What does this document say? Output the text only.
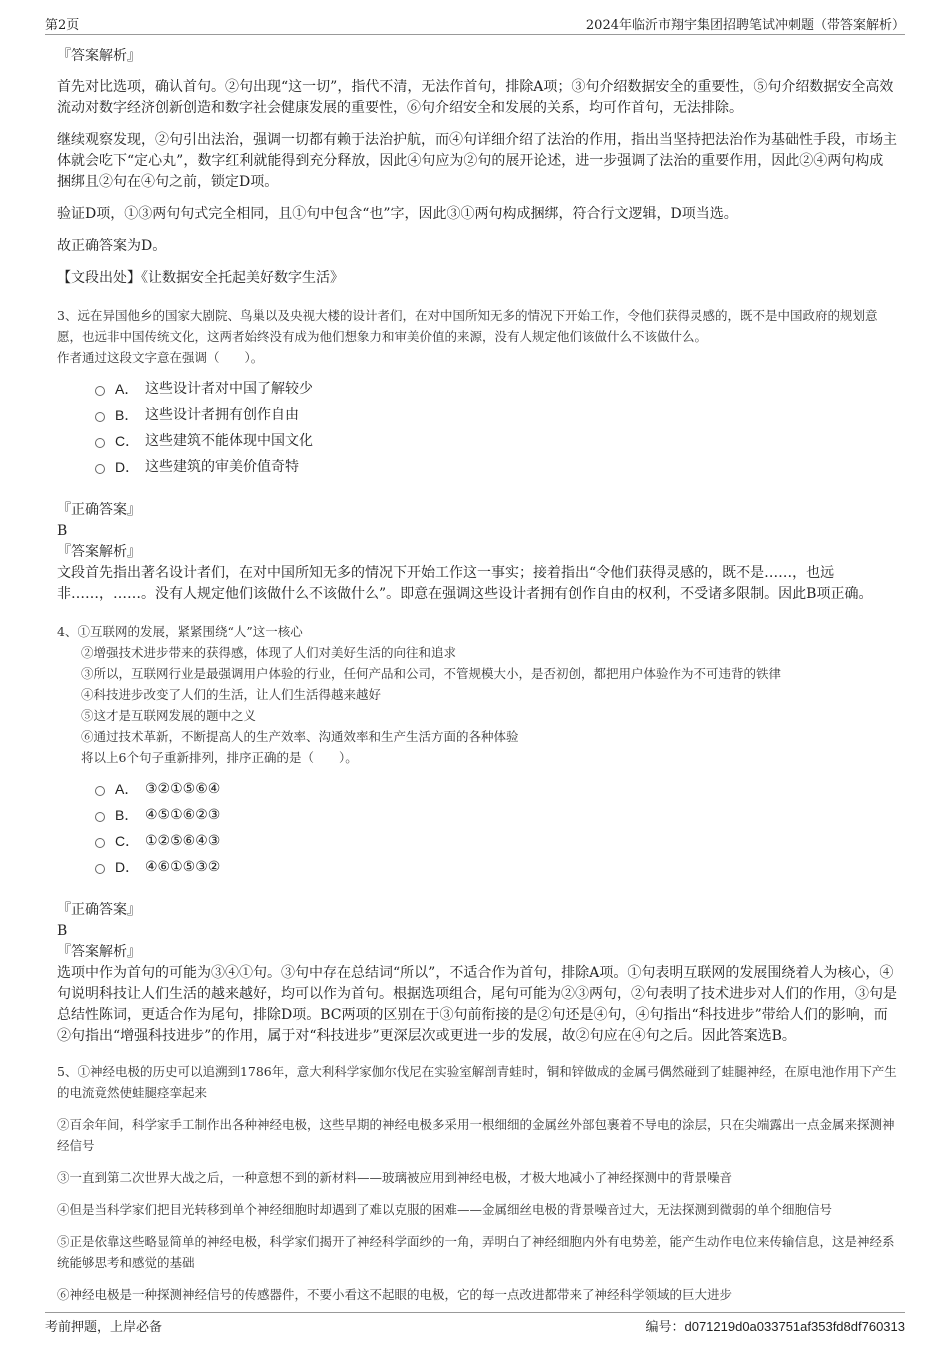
第2页	2024年临沂市翔宇集团招聘笔试冲刺题（带答案解析）

『答案解析』

首先对比选项，确认首句。②句出现“这一切”，指代不清，无法作首句，排除A项；③句介绍数据安全的重要性，⑤句介绍数据安全高效流动对数字经济创新创造和数字社会健康发展的重要性，⑥句介绍安全和发展的关系，均可作首句，无法排除。

继续观察发现，②句引出法治，强调一切都有赖于法治护航，而④句详细介绍了法治的作用，指出当坚持把法治作为基础性手段，市场主体就会吃下“定心丸”，数字红利就能得到充分释放，因此④句应为②句的展开论述，进一步强调了法治的重要作用，因此②④两句构成捆绑且②句在④句之前，锁定D项。

验证D项，①③两句句式完全相同，且①句中包含“也”字，因此③①两句构成捆绑，符合行文逻辑，D项当选。

故正确答案为D。

【文段出处】《让数据安全托起美好数字生活》

3、远在异国他乡的国家大剧院、鸟巢以及央视大楼的设计者们，在对中国所知无多的情况下开始工作，令他们获得灵感的，既不是中国政府的规划意愿，也远非中国传统文化，这两者始终没有成为他们想象力和审美价值的来源，没有人规定他们该做什么不该做什么。

作者通过这段文字意在强调（　　）。

A． 这些设计者对中国了解较少
B． 这些设计者拥有创作自由
C． 这些建筑不能体现中国文化
D． 这些建筑的审美价值奇特

『正确答案』

B

『答案解析』

文段首先指出著名设计者们，在对中国所知无多的情况下开始工作这一事实；接着指出“令他们获得灵感的，既不是……，也远非……，……。没有人规定他们该做什么不该做什么”。即意在强调这些设计者拥有创作自由的权利，不受诸多限制。因此B项正确。

4、①互联网的发展，紧紧围绕“人”这一核心

②增强技术进步带来的获得感，体现了人们对美好生活的向往和追求

③所以，互联网行业是最强调用户体验的行业，任何产品和公司，不管规模大小，是否初创，都把用户体验作为不可违背的铁律

④科技进步改变了人们的生活，让人们生活得越来越好

⑤这才是互联网发展的题中之义

⑥通过技术革新，不断提高人的生产效率、沟通效率和生产生活方面的各种体验

将以上6个句子重新排列，排序正确的是（　　）。

A． ③②①⑤⑥④
B． ④⑤①⑥②③
C． ①②⑤⑥④③
D． ④⑥①⑤③②

『正确答案』

B

『答案解析』

选项中作为首句的可能为③④①句。③句中存在总结词“所以”，不适合作为首句，排除A项。①句表明互联网的发展围绕着人为核心，④句说明科技让人们生活的越来越好，均可以作为首句。根据选项组合，尾句可能为②③两句，②句表明了技术进步对人们的作用，③句是总结性陈词，更适合作为尾句，排除D项。BC两项的区别在于③句前衔接的是②句还是④句，④句指出“科技进步”带给人们的影响，而②句指出“增强科技进步”的作用，属于对“科技进步”更深层次或更进一步的发展，故②句应在④句之后。因此答案选B。

5、①神经电极的历史可以追溯到1786年，意大利科学家伽尔伐尼在实验室解剖青蛙时，铜和锌做成的金属弓偶然碰到了蛙腿神经，在原电池作用下产生的电流竟然使蛙腿痉挛起来

②百余年间，科学家手工制作出各种神经电极，这些早期的神经电极多采用一根细细的金属丝外部包裹着不导电的涂层，只在尖端露出一点金属来探测神经信号

③一直到第二次世界大战之后，一种意想不到的新材料——玻璃被应用到神经电极，才极大地减小了神经探测中的背景噪音

④但是当科学家们把目光转移到单个神经细胞时却遇到了难以克服的困难——金属细丝电极的背景噪音过大，无法探测到微弱的单个细胞信号

⑤正是依靠这些略显简单的神经电极，科学家们揭开了神经科学面纱的一角，弄明白了神经细胞内外有电势差，能产生动作电位来传输信息，这是神经系统能够思考和感觉的基础

⑥神经电极是一种探测神经信号的传感器件，不要小看这不起眼的电极，它的每一点改进都带来了神经科学领域的巨大进步

考前押题，上岸必备	编号：d071219d0a033751af353fd8df760313
